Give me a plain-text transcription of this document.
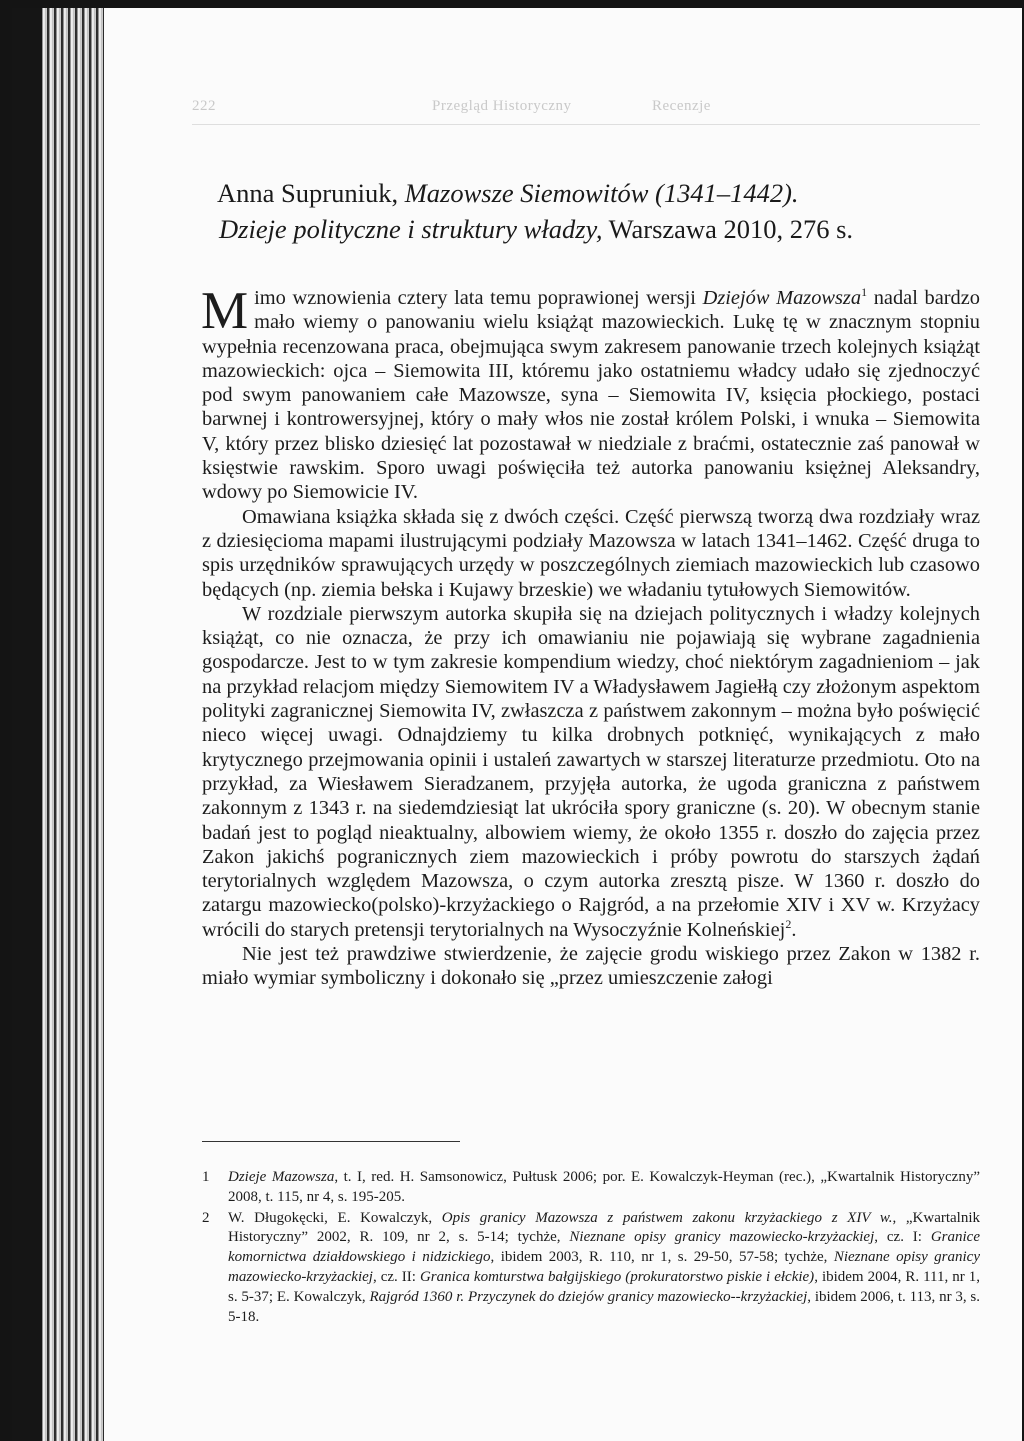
222	Przegląd Historyczny	Recenzje
Anna Supruniuk, Mazowsze Siemowitów (1341–1442).
Dzieje polityczne i struktury władzy, Warszawa 2010, 276 s.

Mimo wznowienia cztery lata temu poprawionej wersji Dziejów Mazowsza$^1$ nadal bardzo mało wiemy o panowaniu wielu książąt mazowieckich. Lukę tę w znacznym stopniu wypełnia recenzowana praca, obejmująca swym zakresem panowanie trzech kolejnych książąt mazowieckich: ojca – Siemowita III, któremu jako ostatniemu władcy udało się zjednoczyć pod swym panowaniem całe Mazowsze, syna – Siemowita IV, księcia płockiego, postaci barwnej i kontrowersyjnej, który o mały włos nie został królem Polski, i wnuka – Siemowita V, który przez blisko dziesięć lat pozostawał w niedziale z braćmi, ostatecznie zaś panował w księstwie rawskim. Sporo uwagi poświęciła też autorka panowaniu księżnej Aleksandry, wdowy po Siemowicie IV.

Omawiana książka składa się z dwóch części. Część pierwszą tworzą dwa rozdziały wraz z dziesięcioma mapami ilustrującymi podziały Mazowsza w latach 1341–1462. Część druga to spis urzędników sprawujących urzędy w poszczególnych ziemiach mazowieckich lub czasowo będących (np. ziemia bełska i Kujawy brzeskie) we władaniu tytułowych Siemowitów.

W rozdziale pierwszym autorka skupiła się na dziejach politycznych i władzy kolejnych książąt, co nie oznacza, że przy ich omawianiu nie pojawiają się wybrane zagadnienia gospodarcze. Jest to w tym zakresie kompendium wiedzy, choć niektórym zagadnieniom – jak na przykład relacjom między Siemowitem IV a Władysławem Jagiełłą czy złożonym aspektom polityki zagranicznej Siemowita IV, zwłaszcza z państwem zakonnym – można było poświęcić nieco więcej uwagi. Odnajdziemy tu kilka drobnych potknięć, wynikających z mało krytycznego przejmowania opinii i ustaleń zawartych w starszej literaturze przedmiotu. Oto na przykład, za Wiesławem Sieradzanem, przyjęła autorka, że ugoda graniczna z państwem zakonnym z 1343 r. na siedemdziesiąt lat ukróciła spory graniczne (s. 20). W obecnym stanie badań jest to pogląd nieaktualny, albowiem wiemy, że około 1355 r. doszło do zajęcia przez Zakon jakichś pogranicznych ziem mazowieckich i próby powrotu do starszych żądań terytorialnych względem Mazowsza, o czym autorka zresztą pisze. W 1360 r. doszło do zatargu mazowiecko(polsko)-krzyżackiego o Rajgród, a na przełomie XIV i XV w. Krzyżacy wrócili do starych pretensji terytorialnych na Wysoczyźnie Kolneńskiej$^2$.

Nie jest też prawdziwe stwierdzenie, że zajęcie grodu wiskiego przez Zakon w 1382 r. miało wymiar symboliczny i dokonało się „przez umieszczenie załogi

1 Dzieje Mazowsza, t. I, red. H. Samsonowicz, Pułtusk 2006; por. E. Kowalczyk-Heyman (rec.), „Kwartalnik Historyczny” 2008, t. 115, nr 4, s. 195-205.

2 W. Długokęcki, E. Kowalczyk, Opis granicy Mazowsza z państwem zakonu krzyżackiego z XIV w., „Kwartalnik Historyczny” 2002, R. 109, nr 2, s. 5-14; tychże, Nieznane opisy granicy mazowiecko-krzyżackiej, cz. I: Granice komornictwa działdowskiego i nidzickiego, ibidem 2003, R. 110, nr 1, s. 29-50, 57-58; tychże, Nieznane opisy granicy mazowiecko-krzyżackiej, cz. II: Granica komturstwa bałgijskiego (prokuratorstwo piskie i ełckie), ibidem 2004, R. 111, nr 1, s. 5-37; E. Kowalczyk, Rajgród 1360 r. Przyczynek do dziejów granicy mazowiecko--krzyżackiej, ibidem 2006, t. 113, nr 3, s. 5-18.
